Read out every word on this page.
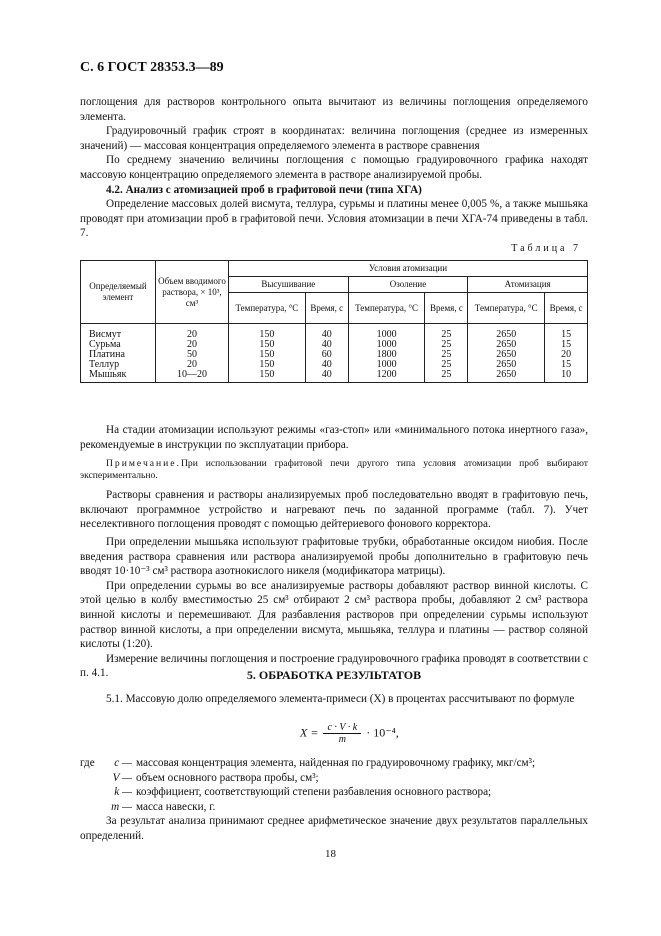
С. 6 ГОСТ 28353.3—89

поглощения для растворов контрольного опыта вычитают из величины поглощения определяемого элемента.

Градуировочный график строят в координатах: величина поглощения (среднее из измеренных значений) — массовая концентрация определяемого элемента в растворе сравнения

По среднему значению величины поглощения с помощью градуировочного графика находят массовую концентрацию определяемого элемента в растворе анализируемой пробы.

4.2. Анализ с атомизацией проб в графитовой печи (типа ХГА)

Определение массовых долей висмута, теллура, сурьмы и платины менее 0,005 %, а также мышьяка проводят при атомизации проб в графитовой печи. Условия атомизации в печи ХГА-74 приведены в табл. 7.

Таблица 7
Определяемый элемент	Объем вводимого раствора, × 10³, см³	Условия атомизации					
		Высушивание		Озоление		Атомизация	
		Температура, °С	Время, с	Температура, °С	Время, с	Температура, °С	Время, с
Висмут	20	150	40	1000	25	2650	15
Сурьма	20	150	40	1000	25	2650	15
Платина	50	150	60	1800	25	2650	20
Теллур	20	150	40	1000	25	2650	15
Мышьяк	10—20	150	40	1200	25	2650	10

На стадии атомизации используют режимы «газ-стоп» или «минимального потока инертного газа», рекомендуемые в инструкции по эксплуатации прибора.

Примечание.При использовании графитовой печи другого типа условия атомизации проб выбирают экспериментально.

Растворы сравнения и растворы анализируемых проб последовательно вводят в графитовую печь, включают программное устройство и нагревают печь по заданной программе (табл. 7). Учет неселективного поглощения проводят с помощью дейтериевого фонового корректора.

При определении мышьяка используют графитовые трубки, обработанные оксидом ниобия. После введения раствора сравнения или раствора анализируемой пробы дополнительно в графитовую печь вводят 10·10⁻³ см³ раствора азотнокислого никеля (модификатора матрицы).

При определении сурьмы во все анализируемые растворы добавляют раствор винной кислоты. С этой целью в колбу вместимостью 25 см³ отбирают 2 см³ раствора пробы, добавляют 2 см³ раствора винной кислоты и перемешивают. Для разбавления растворов при определении сурьмы используют раствор винной кислоты, а при определении висмута, мышьяка, теллура и платины — раствор соляной кислоты (1:20).

Измерение величины поглощения и построение градуировочного графика проводят в соответствии с п. 4.1.	5. ОБРАБОТКА РЕЗУЛЬТАТОВ

5.1. Массовую долю определяемого элемента-примеси (X) в процентах рассчитывают по формуле

$X = \frac{c \cdot V \cdot k}{m} \cdot 10^{-4}$,
где	c — массовая концентрация элемента, найденная по градуировочному графику, мкг/см³;
V — объем основного раствора пробы, см³;
k — коэффициент, соответствующий степени разбавления основного раствора;
m — масса навески, г.

За результат анализа принимают среднее арифметическое значение двух результатов параллельных определений.

18
